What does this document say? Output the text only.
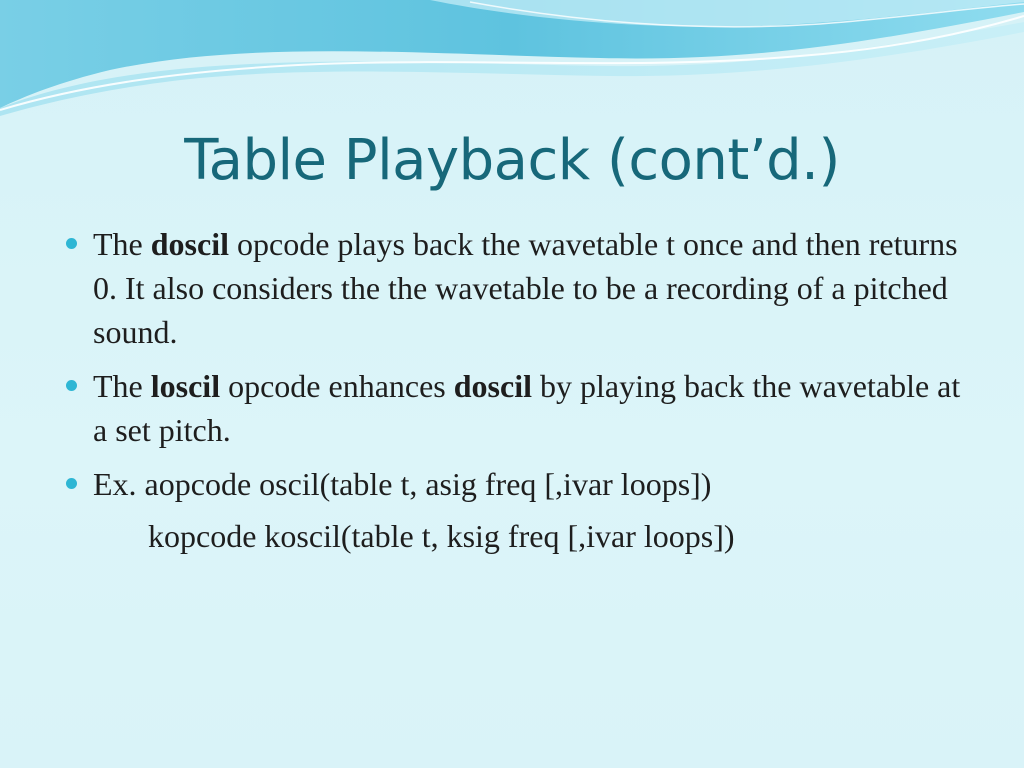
Table Playback (cont’d.)
The doscil opcode plays back the wavetable t once and then returns 0. It also considers the the wavetable to be a recording of a pitched sound.
The loscil opcode enhances doscil by playing back the wavetable at a set pitch.
Ex. aopcode oscil(table t, asig freq [,ivar loops])
kopcode koscil(table t, ksig freq [,ivar loops])
